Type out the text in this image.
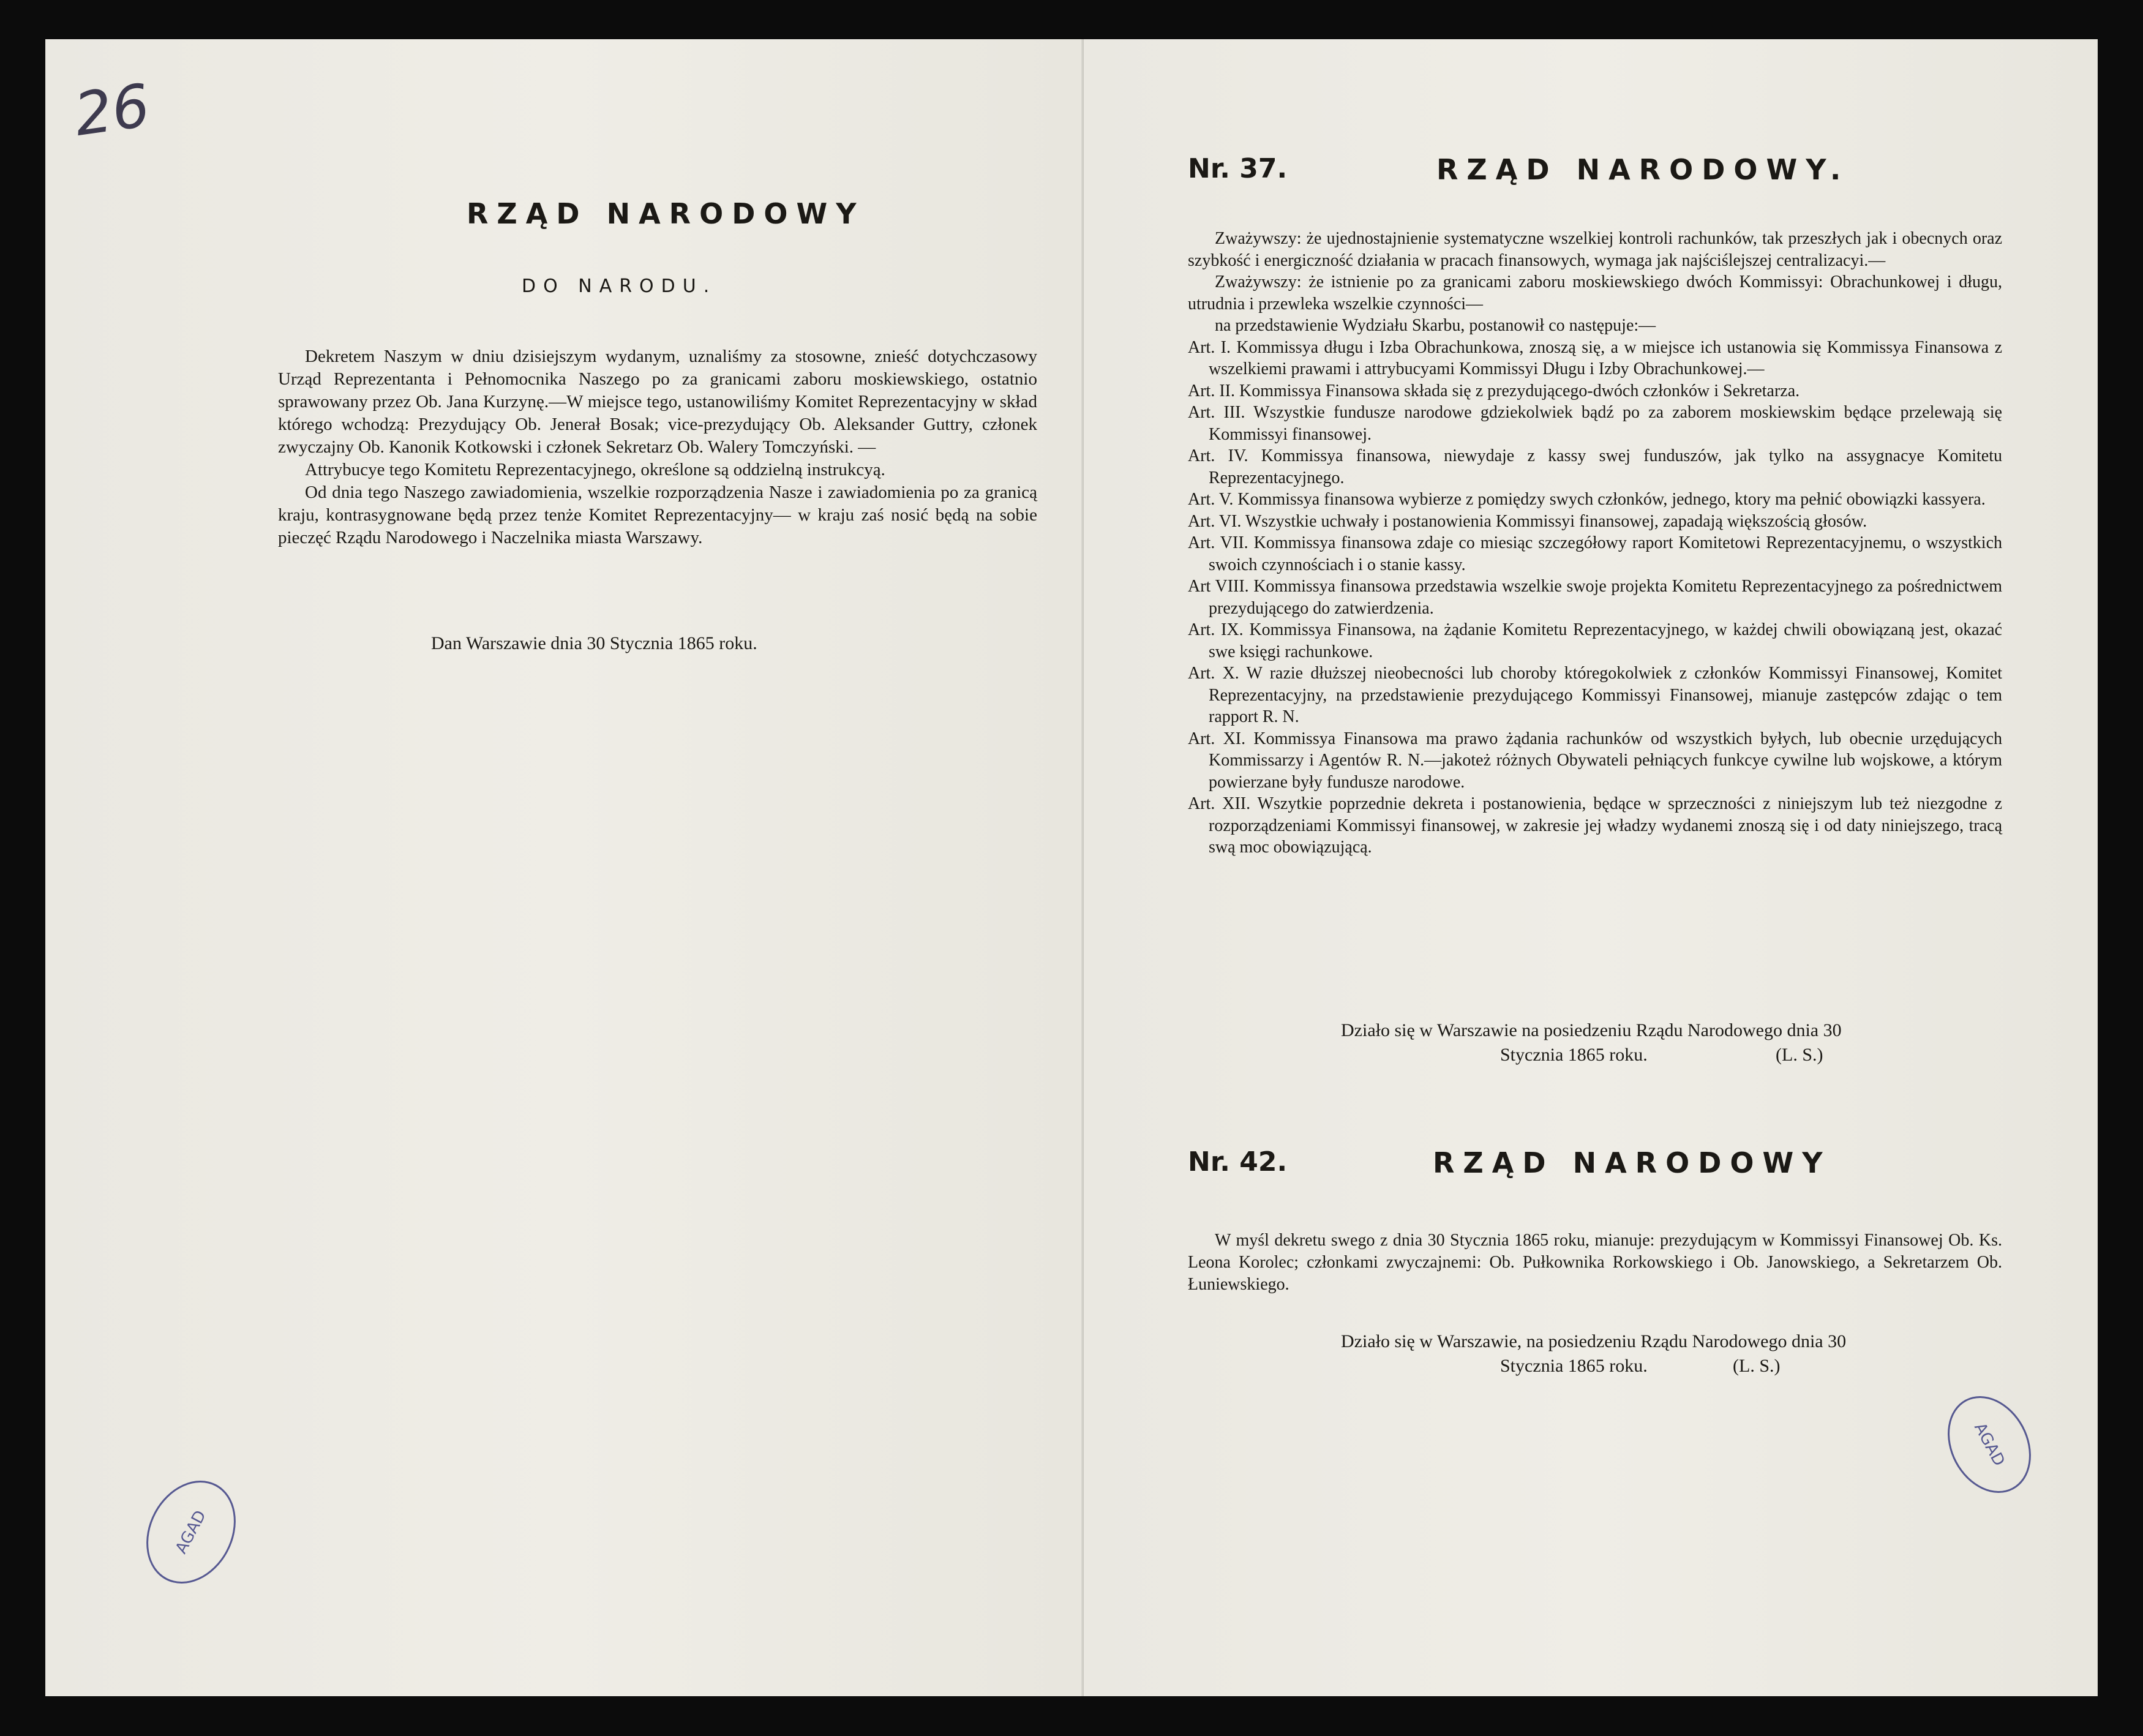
26
RZĄD NARODOWY
DO NARODU.

Dekretem Naszym w dniu dzisiejszym wydanym, uznaliśmy za stosowne, znieść dotychczasowy Urząd Reprezentanta i Pełnomocnika Naszego po za granicami zaboru moskiewskiego, ostatnio sprawowany przez Ob. Jana Kurzynę.—W miejsce tego, ustanowiliśmy Komitet Reprezentacyjny w skład którego wchodzą: Prezydujący Ob. Jenerał Bosak; vice-prezydujący Ob. Aleksander Guttry, członek zwyczajny Ob. Kanonik Kotkowski i członek Sekretarz Ob. Walery Tomczyński. —

Attrybucye tego Komitetu Reprezentacyjnego, określone są oddzielną instrukcyą.

Od dnia tego Naszego zawiadomienia, wszelkie rozporządzenia Nasze i zawiadomienia po za granicą kraju, kontrasygnowane będą przez tenże Komitet Reprezentacyjny— w kraju zaś nosić będą na sobie pieczęć Rządu Narodowego i Naczelnika miasta Warszawy.

Dan Warszawie dnia 30 Stycznia 1865 roku.
AGAD
Nr. 37.	RZĄD NARODOWY.

Zważywszy: że ujednostajnienie systematyczne wszelkiej kontroli rachunków, tak przeszłych jak i obecnych oraz szybkość i energiczność działania w pracach finansowych, wymaga jak najściślejszej centralizacyi.—

Zważywszy: że istnienie po za granicami zaboru moskiewskiego dwóch Kommissyi: Obrachunkowej i długu, utrudnia i przewleka wszelkie czynności—

na przedstawienie Wydziału Skarbu, postanowił co następuje:—

Art. I. Kommissya długu i Izba Obrachunkowa, znoszą się, a w miejsce ich ustanowia się Kommissya Finansowa z wszelkiemi prawami i attrybucyami Kommissyi Długu i Izby Obrachunkowej.—

Art. II. Kommissya Finansowa składa się z prezydującego-dwóch członków i Sekretarza.

Art. III. Wszystkie fundusze narodowe gdziekolwiek bądź po za zaborem moskiewskim będące przelewają się Kommissyi finansowej.

Art. IV. Kommissya finansowa, niewydaje z kassy swej funduszów, jak tylko na assygnacye Komitetu Reprezentacyjnego.

Art. V. Kommissya finansowa wybierze z pomiędzy swych członków, jednego, ktory ma pełnić obowiązki kassyera.

Art. VI. Wszystkie uchwały i postanowienia Kommissyi finansowej, zapadają większością głosów.

Art. VII. Kommissya finansowa zdaje co miesiąc szczegółowy raport Komitetowi Reprezentacyjnemu, o wszystkich swoich czynnościach i o stanie kassy.

Art VIII. Kommissya finansowa przedstawia wszelkie swoje projekta Komitetu Reprezentacyjnego za pośrednictwem prezydującego do zatwierdzenia.

Art. IX. Kommissya Finansowa, na żądanie Komitetu Reprezentacyjnego, w każdej chwili obowiązaną jest, okazać swe księgi rachunkowe.

Art. X. W razie dłuższej nieobecności lub choroby któregokolwiek z członków Kommissyi Finansowej, Komitet Reprezentacyjny, na przedstawienie prezydującego Kommissyi Finansowej, mianuje zastępców zdając o tem rapport R. N.

Art. XI. Kommissya Finansowa ma prawo żądania rachunków od wszystkich byłych, lub obecnie urzędujących Kommissarzy i Agentów R. N.—jakoteż różnych Obywateli pełniących funkcye cywilne lub wojskowe, a którym powierzane były fundusze narodowe.

Art. XII. Wszytkie poprzednie dekreta i postanowienia, będące w sprzeczności z niniejszym lub też niezgodne z rozporządzeniami Kommissyi finansowej, w zakresie jej władzy wydanemi znoszą się i od daty niniejszego, tracą swą moc obowiązującą.

Działo się w Warszawie na posiedzeniu Rządu Narodowego dnia 30
Stycznia 1865 roku.	(L. S.)
Nr. 42.	RZĄD NARODOWY

W myśl dekretu swego z dnia 30 Stycznia 1865 roku, mianuje: prezydującym w Kommissyi Finansowej Ob. Ks. Leona Korolec; członkami zwyczajnemi: Ob. Pułkownika Rorkowskiego i Ob. Janowskiego, a Sekretarzem Ob. Łuniewskiego.

Działo się w Warszawie, na posiedzeniu Rządu Narodowego dnia 30
Stycznia 1865 roku.	(L. S.)
AGAD
